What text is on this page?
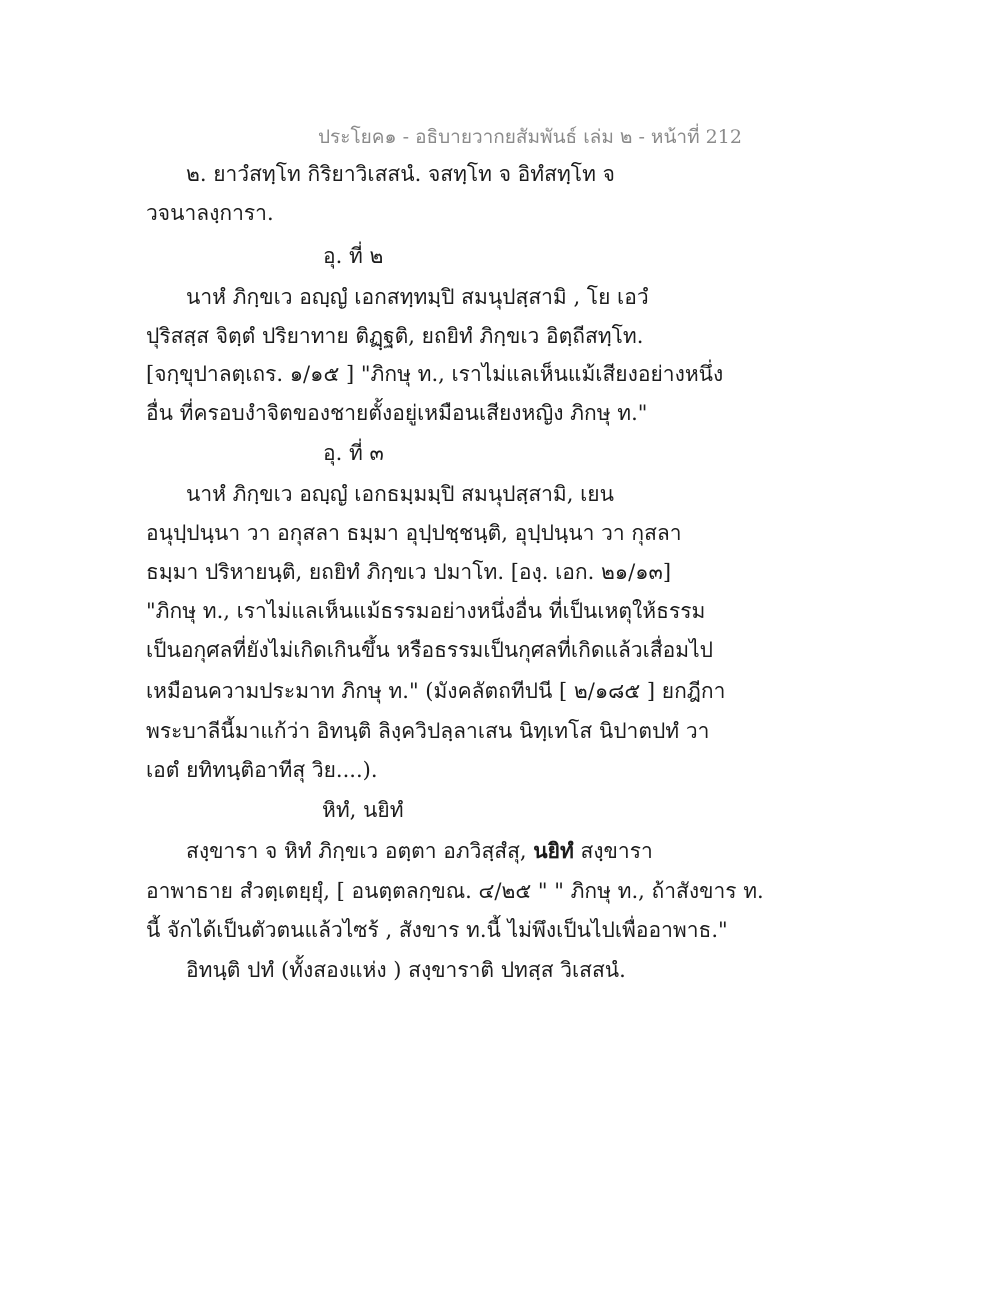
ประโยค๑ - อธิบายวากยสัมพันธ์ เล่ม ๒ - หน้าที่ 212
๒. ยาวํสทฺโท กิริยาวิเสสนํ. จสทฺโท จ อิทํสทฺโท จ
วจนาลงฺการา.
อุ. ที่ ๒
นาหํ ภิกฺขเว อญฺญํ เอกสทฺทมฺปิ สมนุปสฺสามิ , โย เอวํ
ปุริสสฺส จิตฺตํ ปริยาทาย ติฏฺฐติ, ยถยิทํ ภิกฺขเว อิตฺถีสทฺโท.
[จกฺขุปาลตฺเถร. ๑/๑๕ ] "ภิกษุ ท., เราไม่แลเห็นแม้เสียงอย่างหนึ่ง
อื่น ที่ครอบงำจิตของชายตั้งอยู่เหมือนเสียงหญิง ภิกษุ ท."
อุ. ที่ ๓
นาหํ ภิกฺขเว อญฺญํ เอกธมฺมมฺปิ สมนุปสฺสามิ, เยน
อนุปฺปนฺนา วา อกุสลา ธมฺมา อุปฺปชฺชนฺติ, อุปฺปนฺนา วา กุสลา
ธมฺมา ปริหายนฺติ, ยถยิทํ ภิกฺขเว ปมาโท. [องฺ. เอก. ๒๑/๑๓]
"ภิกษุ ท., เราไม่แลเห็นแม้ธรรมอย่างหนึ่งอื่น ที่เป็นเหตุให้ธรรม
เป็นอกุศลที่ยังไม่เกิดเกินขึ้น หรือธรรมเป็นกุศลที่เกิดแล้วเสื่อมไป
เหมือนความประมาท ภิกษุ ท." (มังคลัตถทีปนี [ ๒/๑๘๕ ] ยกฎีกา
พระบาลีนี้มาแก้ว่า อิทนฺติ ลิงฺควิปลฺลาเสน นิทฺเทโส นิปาตปทํ วา
เอตํ ยทิทนฺติอาทีสุ วิย....).
หิทํ, นยิทํ
สงฺขารา จ หิทํ ภิกฺขเว อตฺตา อภวิสฺสํสุ, นยิทํ สงฺขารา
อาพาธาย สํวตฺเตยฺยุํ, [ อนตฺตลกฺขณ. ๔/๒๕ " " ภิกษุ ท., ถ้าสังขาร ท.
นี้ จักได้เป็นตัวตนแล้วไซร้ , สังขาร ท.นี้ ไม่พึงเป็นไปเพื่ออาพาธ."
อิทนฺติ ปทํ (ทั้งสองแห่ง ) สงฺขาราติ ปทสฺส วิเสสนํ.
